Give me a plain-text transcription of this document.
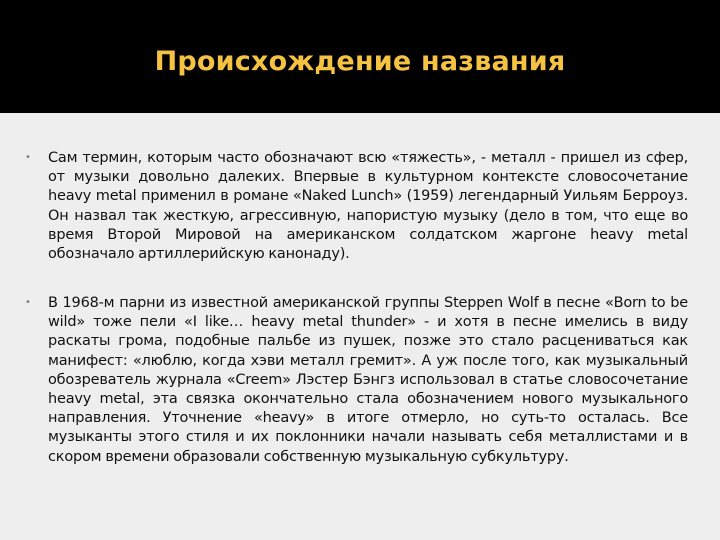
Происхождение названия
• Сам термин, которым часто обозначают всю «тяжесть», - металл - пришел из сфер, от музыки довольно далеких. Впервые в культурном контексте словосочетание heavy metal применил в романе «Naked Lunch» (1959) легендарный Уильям Берроуз. Он назвал так жесткую, агрессивную, напористую музыку (дело в том, что еще во время Второй Мировой на американском солдатском жаргоне heavy metal обозначало артиллерийскую канонаду).

• В 1968-м парни из известной американской группы Steppen Wolf в песне «Born to be wild» тоже пели «I like… heavy metal thunder» - и хотя в песне имелись в виду раскаты грома, подобные пальбе из пушек, позже это стало расцениваться как манифест: «люблю, когда хэви металл гремит». А уж после того, как музыкальный обозреватель журнала «Creem» Лэстер Бэнгз использовал в статье словосочетание heavy metal, эта связка окончательно стала обозначением нового музыкального направления. Уточнение «heavy» в итоге отмерло, но суть-то осталась. Все музыканты этого стиля и их поклонники начали называть себя металлистами и в скором времени образовали собственную музыкальную субкультуру.
